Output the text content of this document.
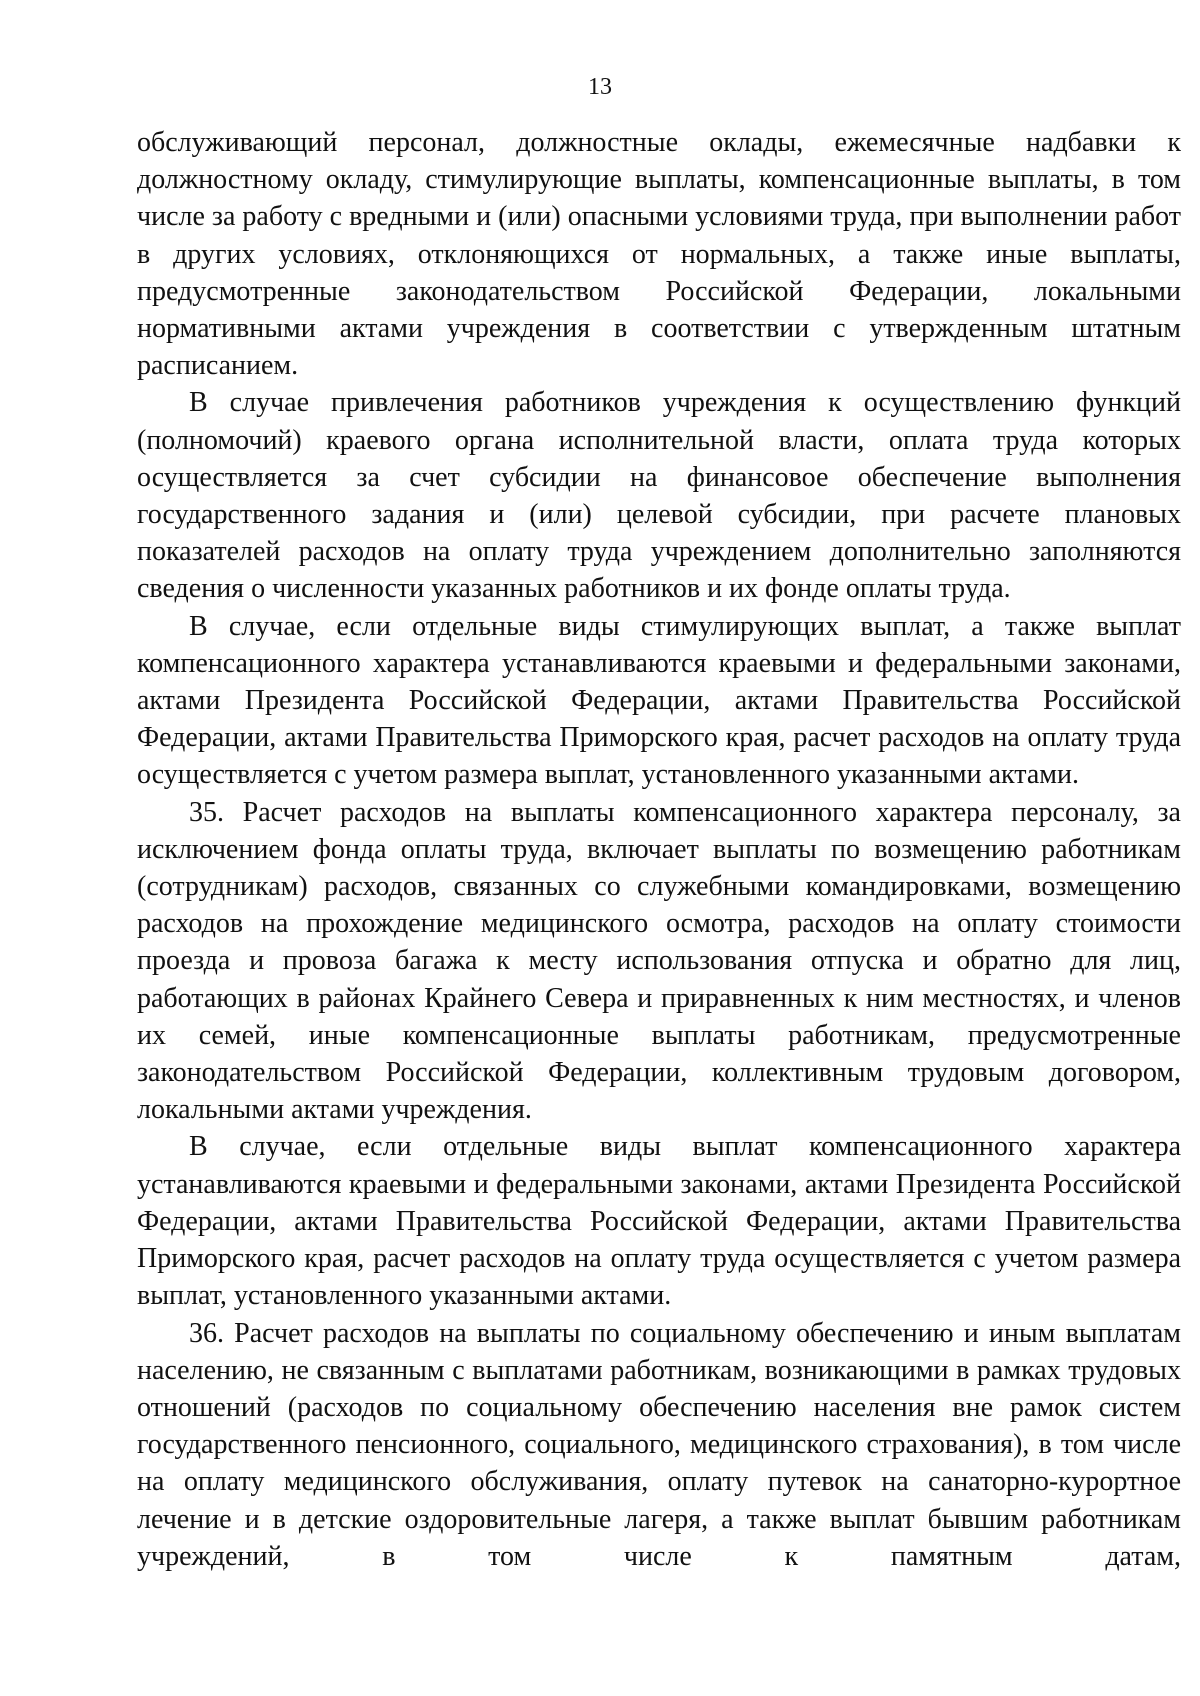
13

обслуживающий персонал, должностные оклады, ежемесячные надбавки к должностному окладу, стимулирующие выплаты, компенсационные выплаты, в том числе за работу с вредными и (или) опасными условиями труда, при выполнении работ в других условиях, отклоняющихся от нормальных, а также иные выплаты, предусмотренные законодательством Российской Федерации, локальными нормативными актами учреждения в соответствии с утвержденным штатным расписанием.

В случае привлечения работников учреждения к осуществлению функций (полномочий) краевого органа исполнительной власти, оплата труда которых осуществляется за счет субсидии на финансовое обеспечение выполнения государственного задания и (или) целевой субсидии, при расчете плановых показателей расходов на оплату труда учреждением дополнительно заполняются сведения о численности указанных работников и их фонде оплаты труда.

В случае, если отдельные виды стимулирующих выплат, а также выплат компенсационного характера устанавливаются краевыми и федеральными законами, актами Президента Российской Федерации, актами Правительства Российской Федерации, актами Правительства Приморского края, расчет расходов на оплату труда осуществляется с учетом размера выплат, установленного указанными актами.

35. Расчет расходов на выплаты компенсационного характера персоналу, за исключением фонда оплаты труда, включает выплаты по возмещению работникам (сотрудникам) расходов, связанных со служебными командировками, возмещению расходов на прохождение медицинского осмотра, расходов на оплату стоимости проезда и провоза багажа к месту использования отпуска и обратно для лиц, работающих в районах Крайнего Севера и приравненных к ним местностях, и членов их семей, иные компенсационные выплаты работникам, предусмотренные законодательством Российской Федерации, коллективным трудовым договором, локальными актами учреждения.

В случае, если отдельные виды выплат компенсационного характера устанавливаются краевыми и федеральными законами, актами Президента Российской Федерации, актами Правительства Российской Федерации, актами Правительства Приморского края, расчет расходов на оплату труда осуществляется с учетом размера выплат, установленного указанными актами.

36. Расчет расходов на выплаты по социальному обеспечению и иным выплатам населению, не связанным с выплатами работникам, возникающими в рамках трудовых отношений (расходов по социальному обеспечению населения вне рамок систем государственного пенсионного, социального, медицинского страхования), в том числе на оплату медицинского обслуживания, оплату путевок на санаторно-курортное лечение и в детские оздоровительные лагеря, а также выплат бывшим работникам учреждений, в том числе к памятным датам,
